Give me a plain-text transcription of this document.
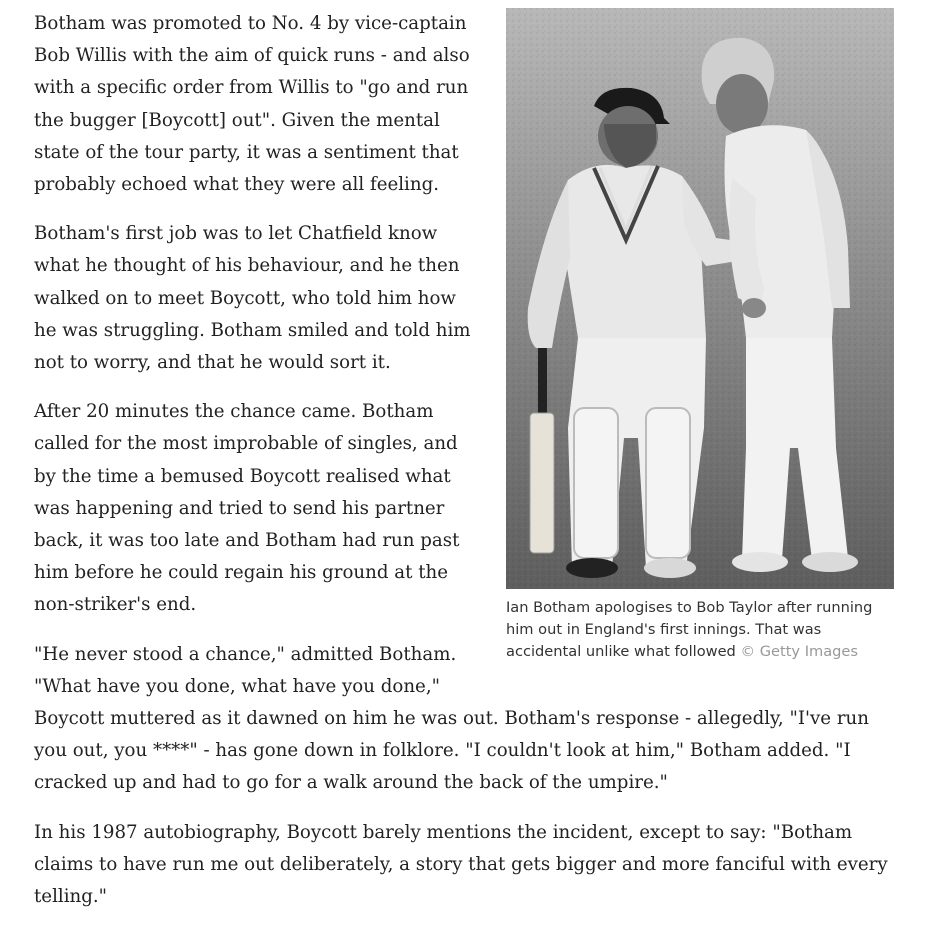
Ian Botham apologises to Bob Taylor after running him out in England's first innings. That was accidental unlike what followed © Getty Images

Botham was promoted to No. 4 by vice-captain Bob Willis with the aim of quick runs - and also with a specific order from Willis to "go and run the bugger [Boycott] out". Given the mental state of the tour party, it was a sentiment that probably echoed what they were all feeling.

Botham's first job was to let Chatfield know what he thought of his behaviour, and he then walked on to meet Boycott, who told him how he was struggling. Botham smiled and told him not to worry, and that he would sort it.

After 20 minutes the chance came. Botham called for the most improbable of singles, and by the time a bemused Boycott realised what was happening and tried to send his partner back, it was too late and Botham had run past him before he could regain his ground at the non-striker's end.

"He never stood a chance," admitted Botham. "What have you done, what have you done," Boycott muttered as it dawned on him he was out. Botham's response - allegedly, "I've run you out, you ****" - has gone down in folklore. "I couldn't look at him," Botham added. "I cracked up and had to go for a walk around the back of the umpire."

In his 1987 autobiography, Boycott barely mentions the incident, except to say: "Botham claims to have run me out deliberately, a story that gets bigger and more fanciful with every telling."
